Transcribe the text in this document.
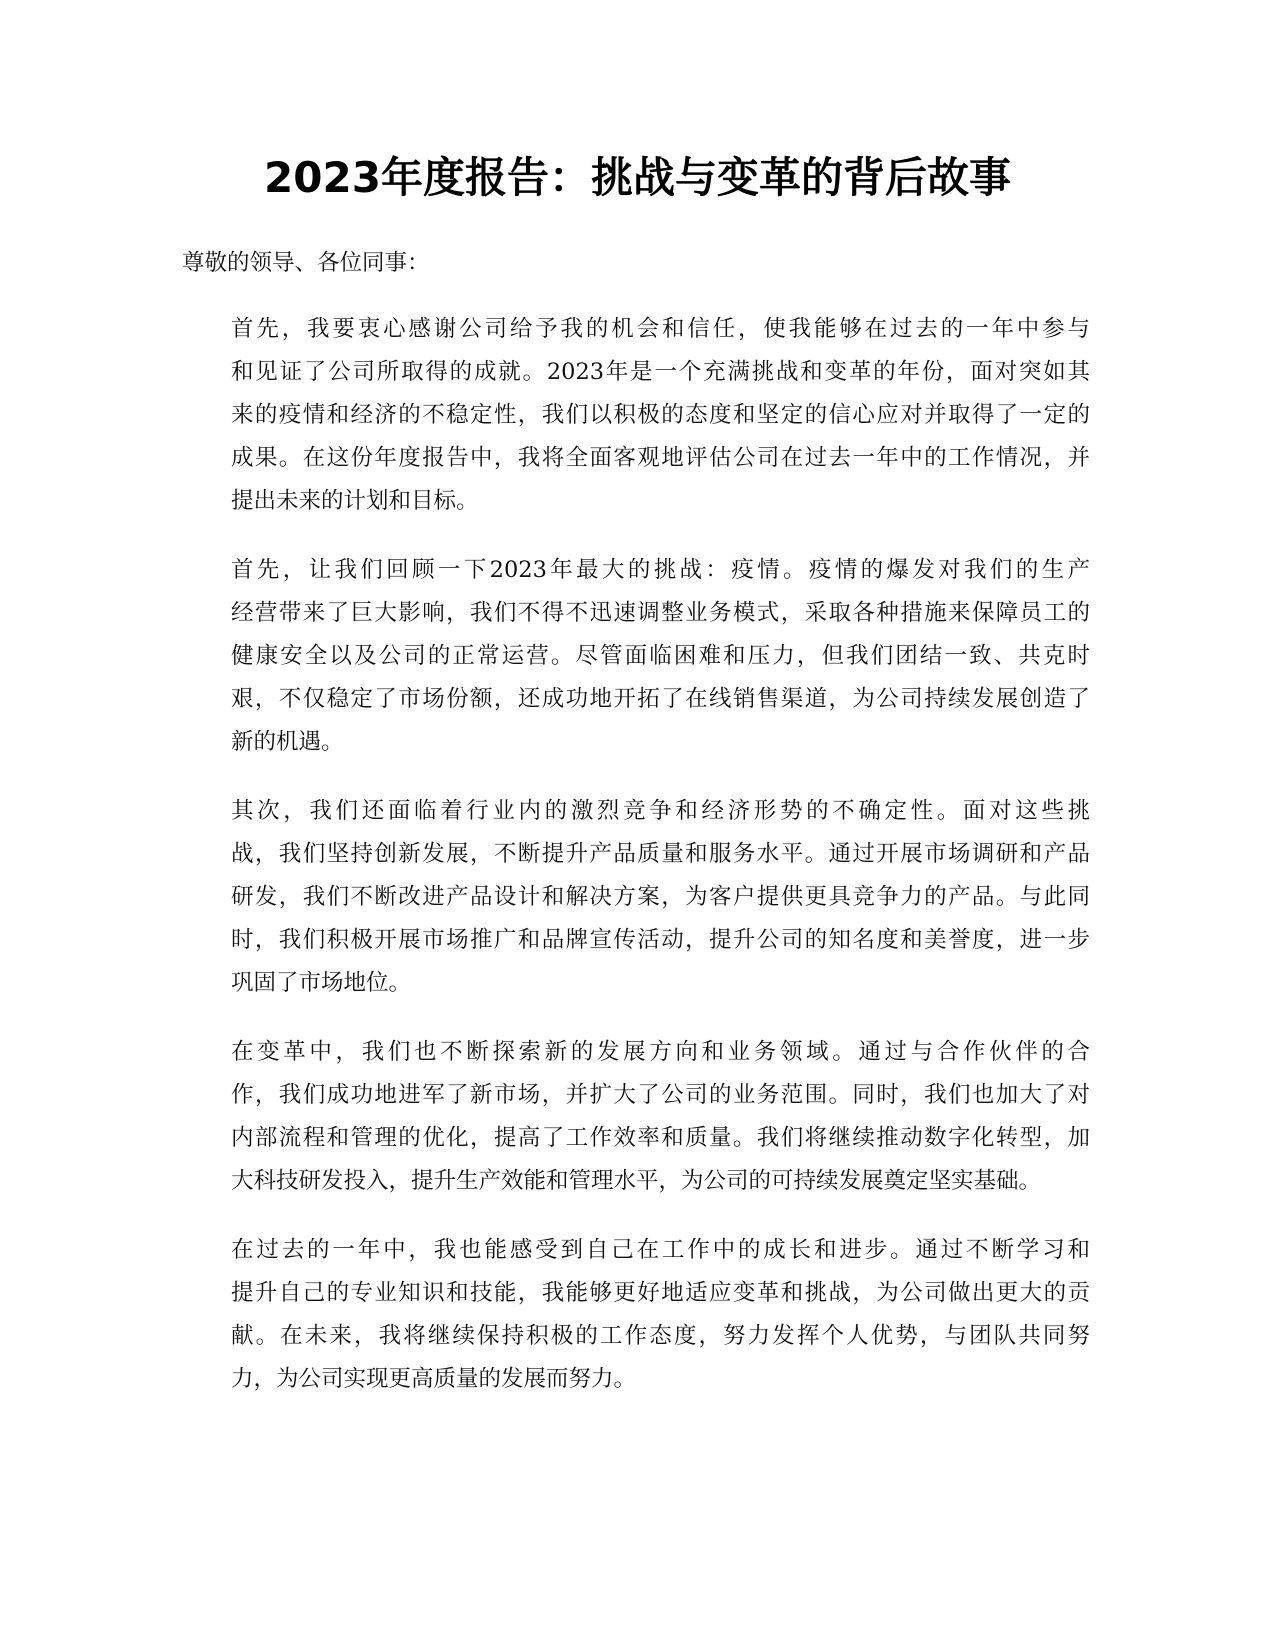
2023年度报告：挑战与变革的背后故事

尊敬的领导、各位同事：

首先，我要衷心感谢公司给予我的机会和信任，使我能够在过去的一年中参与
和见证了公司所取得的成就。2023年是一个充满挑战和变革的年份，面对突如其
来的疫情和经济的不稳定性，我们以积极的态度和坚定的信心应对并取得了一定的
成果。在这份年度报告中，我将全面客观地评估公司在过去一年中的工作情况，并
提出未来的计划和目标。

首先，让我们回顾一下2023年最大的挑战：疫情。疫情的爆发对我们的生产
经营带来了巨大影响，我们不得不迅速调整业务模式，采取各种措施来保障员工的
健康安全以及公司的正常运营。尽管面临困难和压力，但我们团结一致、共克时
艰，不仅稳定了市场份额，还成功地开拓了在线销售渠道，为公司持续发展创造了
新的机遇。

其次，我们还面临着行业内的激烈竞争和经济形势的不确定性。面对这些挑
战，我们坚持创新发展，不断提升产品质量和服务水平。通过开展市场调研和产品
研发，我们不断改进产品设计和解决方案，为客户提供更具竞争力的产品。与此同
时，我们积极开展市场推广和品牌宣传活动，提升公司的知名度和美誉度，进一步
巩固了市场地位。

在变革中，我们也不断探索新的发展方向和业务领域。通过与合作伙伴的合
作，我们成功地进军了新市场，并扩大了公司的业务范围。同时，我们也加大了对
内部流程和管理的优化，提高了工作效率和质量。我们将继续推动数字化转型，加
大科技研发投入，提升生产效能和管理水平，为公司的可持续发展奠定坚实基础。

在过去的一年中，我也能感受到自己在工作中的成长和进步。通过不断学习和
提升自己的专业知识和技能，我能够更好地适应变革和挑战，为公司做出更大的贡
献。在未来，我将继续保持积极的工作态度，努力发挥个人优势，与团队共同努
力，为公司实现更高质量的发展而努力。
